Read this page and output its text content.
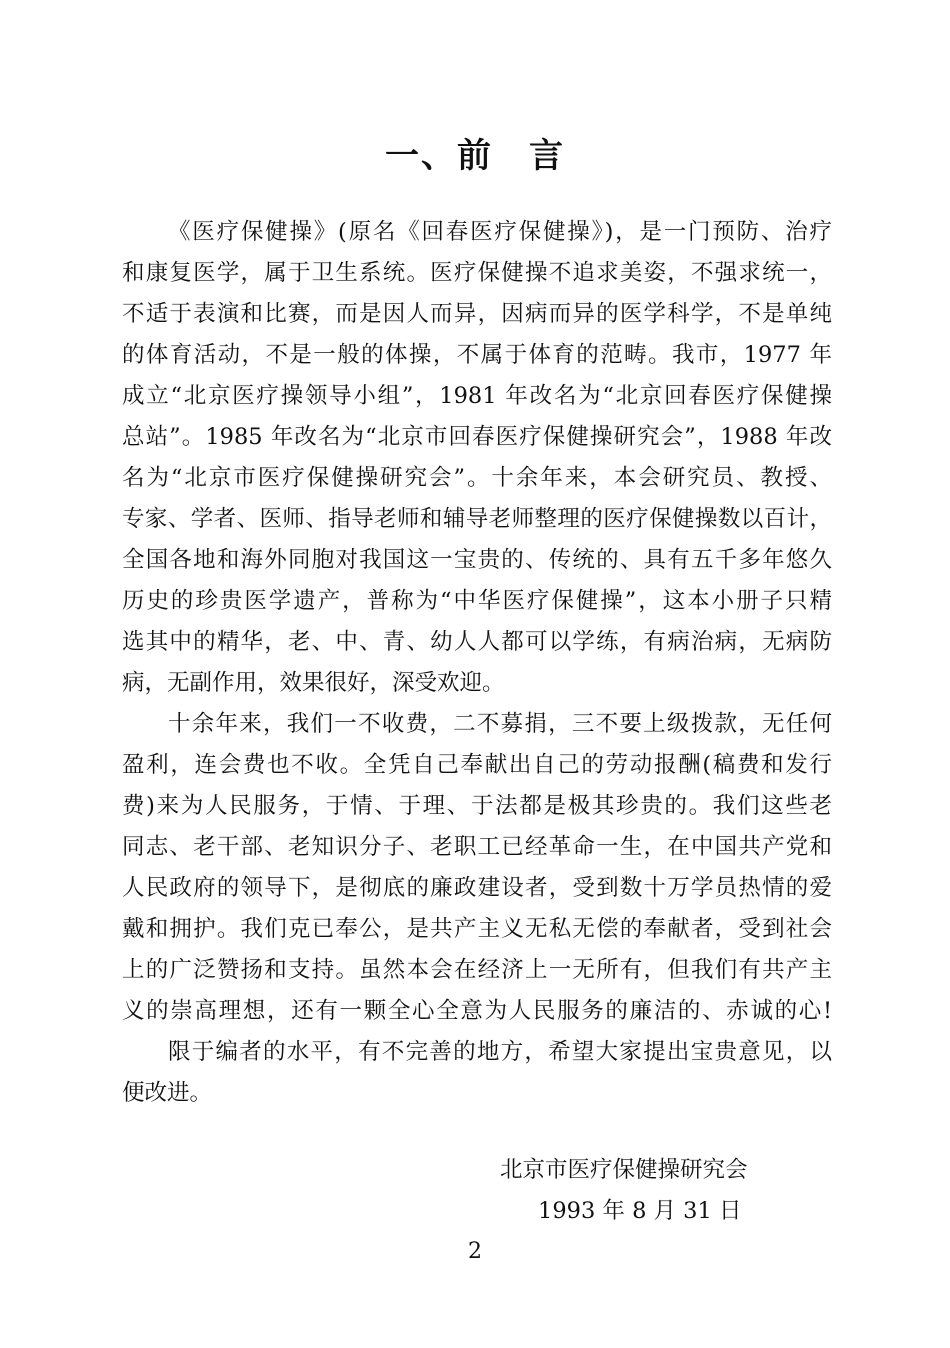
一、前　言
《医疗保健操》(原名《回春医疗保健操》)，是一门预防、治疗
和康复医学，属于卫生系统。医疗保健操不追求美姿，不强求统一，
不适于表演和比赛，而是因人而异，因病而异的医学科学，不是单纯
的体育活动，不是一般的体操，不属于体育的范畴。我市，1977 年
成立“北京医疗操领导小组”，1981 年改名为“北京回春医疗保健操
总站”。1985 年改名为“北京市回春医疗保健操研究会”，1988 年改
名为“北京市医疗保健操研究会”。十余年来，本会研究员、教授、
专家、学者、医师、指导老师和辅导老师整理的医疗保健操数以百计，
全国各地和海外同胞对我国这一宝贵的、传统的、具有五千多年悠久
历史的珍贵医学遗产，普称为“中华医疗保健操”，这本小册子只精
选其中的精华，老、中、青、幼人人都可以学练，有病治病，无病防
病，无副作用，效果很好，深受欢迎。
十余年来，我们一不收费，二不募捐，三不要上级拨款，无任何
盈利，连会费也不收。全凭自己奉献出自己的劳动报酬(稿费和发行
费)来为人民服务，于情、于理、于法都是极其珍贵的。我们这些老
同志、老干部、老知识分子、老职工已经革命一生，在中国共产党和
人民政府的领导下，是彻底的廉政建设者，受到数十万学员热情的爱
戴和拥护。我们克已奉公，是共产主义无私无偿的奉献者，受到社会
上的广泛赞扬和支持。虽然本会在经济上一无所有，但我们有共产主
义的崇高理想，还有一颗全心全意为人民服务的廉洁的、赤诚的心!
限于编者的水平，有不完善的地方，希望大家提出宝贵意见，以
便改进。
北京市医疗保健操研究会
1993 年 8 月 31 日
2
